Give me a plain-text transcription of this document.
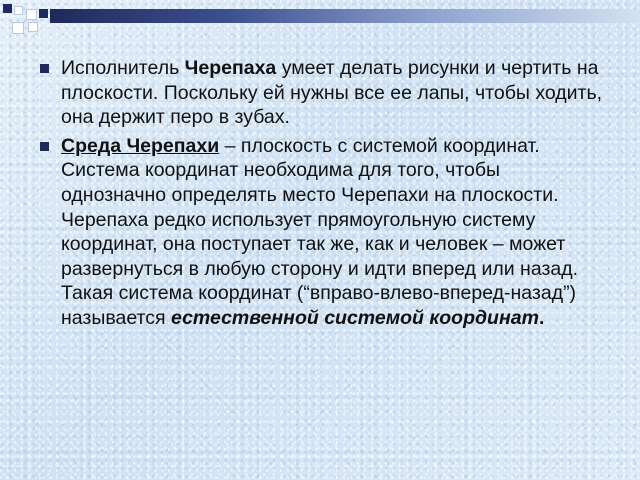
Исполнитель Черепаха умеет делать рисунки и чертить на плоскости. Поскольку ей нужны все ее лапы, чтобы ходить, она держит перо в зубах.
Среда Черепахи – плоскость с системой координат. Система координат необходима для того, чтобы однозначно определять место Черепахи на плоскости. Черепаха редко использует прямоугольную систему координат, она поступает так же, как и человек – может развернуться в любую сторону и идти вперед или назад. Такая система координат (“вправо-влево-вперед-назад”) называется естественной системой координат.
